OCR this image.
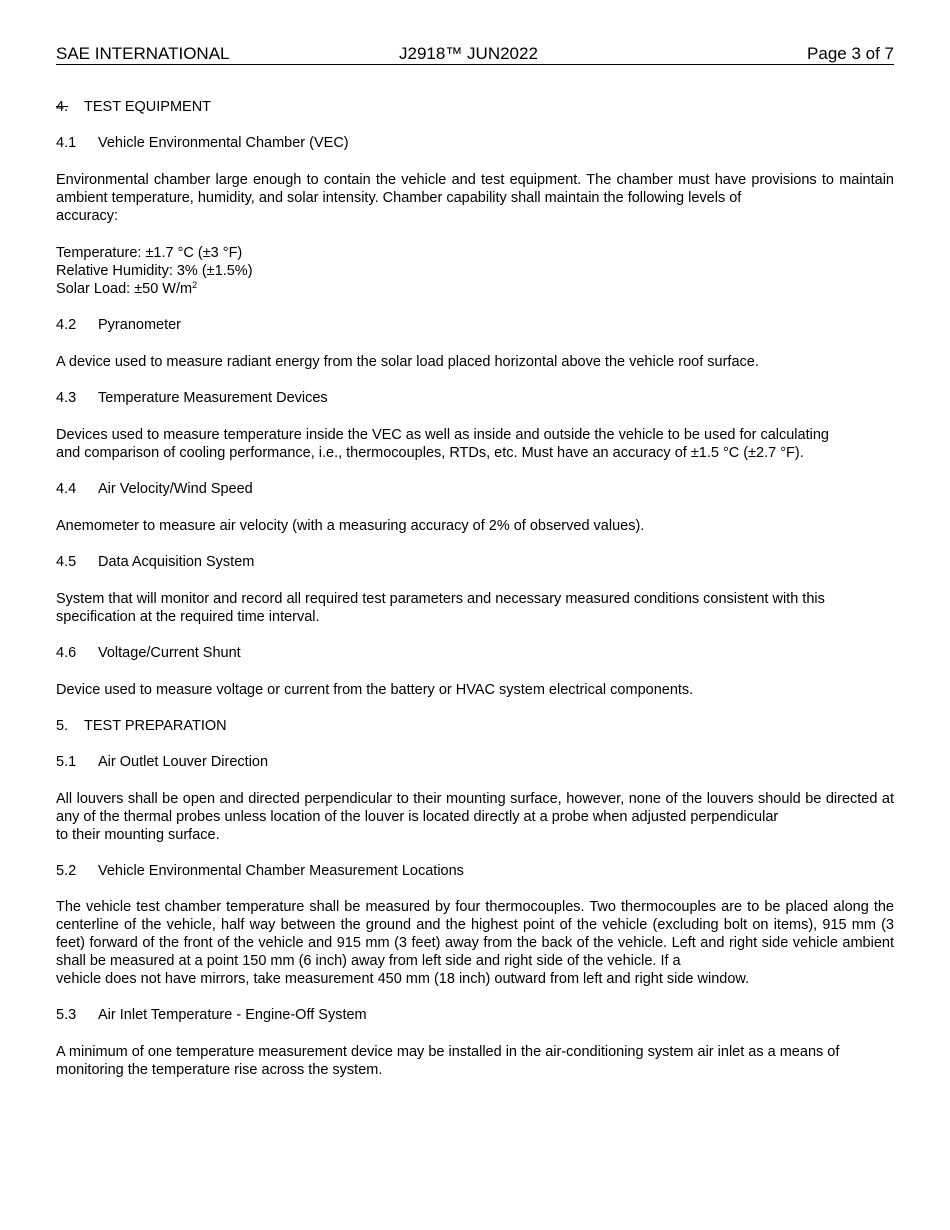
SAE INTERNATIONAL	J2918™ JUN2022	Page 3 of 7
4. TEST EQUIPMENT
4.1 Vehicle Environmental Chamber (VEC)
Environmental chamber large enough to contain the vehicle and test equipment. The chamber must have provisions to maintain ambient temperature, humidity, and solar intensity. Chamber capability shall maintain the following levels of
accuracy:
Temperature: ±1.7 °C (±3 °F)
Relative Humidity: 3% (±1.5%)
Solar Load: ±50 $W/m^2$
4.2 Pyranometer
A device used to measure radiant energy from the solar load placed horizontal above the vehicle roof surface.
4.3 Temperature Measurement Devices
Devices used to measure temperature inside the VEC as well as inside and outside the vehicle to be used for calculating
and comparison of cooling performance, i.e., thermocouples, RTDs, etc. Must have an accuracy of ±1.5 °C (±2.7 °F).
4.4 Air Velocity/Wind Speed
Anemometer to measure air velocity (with a measuring accuracy of 2% of observed values).
4.5 Data Acquisition System
System that will monitor and record all required test parameters and necessary measured conditions consistent with this
specification at the required time interval.
4.6 Voltage/Current Shunt
Device used to measure voltage or current from the battery or HVAC system electrical components.
5. TEST PREPARATION
5.1 Air Outlet Louver Direction
All louvers shall be open and directed perpendicular to their mounting surface, however, none of the louvers should be directed at any of the thermal probes unless location of the louver is located directly at a probe when adjusted perpendicular
to their mounting surface.
5.2 Vehicle Environmental Chamber Measurement Locations
The vehicle test chamber temperature shall be measured by four thermocouples. Two thermocouples are to be placed along the centerline of the vehicle, half way between the ground and the highest point of the vehicle (excluding bolt on items), 915 mm (3 feet) forward of the front of the vehicle and 915 mm (3 feet) away from the back of the vehicle. Left and right side vehicle ambient shall be measured at a point 150 mm (6 inch) away from left side and right side of the vehicle. If a
vehicle does not have mirrors, take measurement 450 mm (18 inch) outward from left and right side window.
5.3 Air Inlet Temperature - Engine-Off System
A minimum of one temperature measurement device may be installed in the air-conditioning system air inlet as a means of
monitoring the temperature rise across the system.
